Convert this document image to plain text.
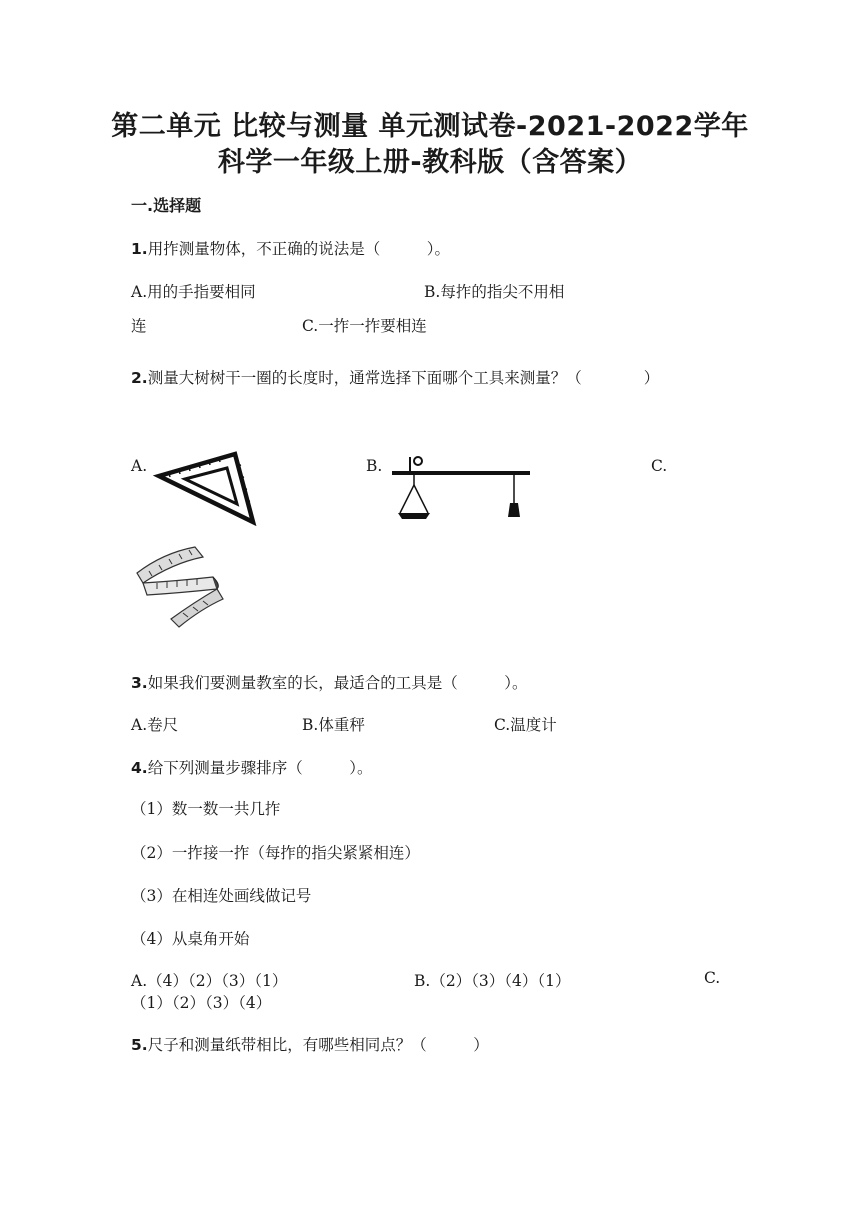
第二单元 比较与测量 单元测试卷-2021-2022学年
科学一年级上册-教科版（含答案）
一.选择题
1.用拃测量物体，不正确的说法是（　　　）。
A.用的手指要相同	B.每拃的指尖不用相
连	C.一拃一拃要相连
2.测量大树树干一圈的长度时，通常选择下面哪个工具来测量？（　　　　）
A.	B.	C.
3.如果我们要测量教室的长，最适合的工具是（　　　）。
A.卷尺	B.体重秤	C.温度计
4.给下列测量步骤排序（　　　）。
（1）数一数一共几拃
（2）一拃接一拃（每拃的指尖紧紧相连）
（3）在相连处画线做记号
（4）从桌角开始
A.（4）（2）（3）（1）	B.（2）（3）（4）（1）	C.
（1）（2）（3）（4）
5.尺子和测量纸带相比，有哪些相同点？（　　　）
